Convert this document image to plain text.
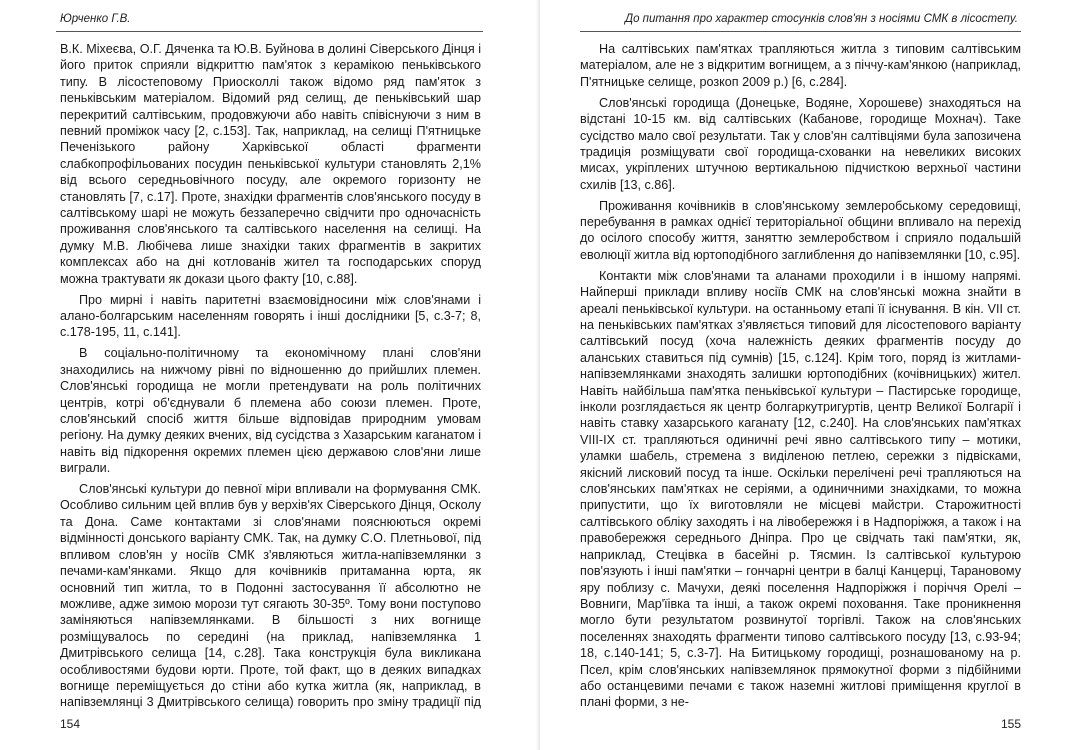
Юрченко Г.В.

В.К. Міхеєва, О.Г. Дяченка та Ю.В. Буйнова в долині Сіверського Дінця і його приток сприяли відкриттю пам'яток з керамікою пеньківського типу. В лісостеповому Приосколлі також відомо ряд пам'яток з пеньківським матеріалом. Відомий ряд селищ, де пеньківський шар перекритий салтівським, продовжуючи або навіть співіснуючи з ним в певний проміжок часу [2, с.153]. Так, наприклад, на селищі П'ятницьке Печенізького району Харківської області фрагменти слабкопрофільованих посудин пеньківської культури становлять 2,1% від всього середньовічного посуду, але окремого горизонту не становлять [7, с.17]. Проте, знахідки фрагментів слов'янського посуду в салтівському шарі не можуть беззаперечно свідчити про одночасність проживання слов'янського та салтівського населення на селищі. На думку М.В. Любічева лише знахідки таких фрагментів в закритих комплексах або на дні котлованів жител та господарських споруд можна трактувати як докази цього факту [10, с.88].

Про мирні і навіть паритетні взаємовідносини між слов'янами і алано-болгарським населенням говорять і інші дослідники [5, с.3-7; 8, с.178-195, 11, с.141].

В соціально-політичному та економічному плані слов'яни знаходились на нижчому рівні по відношенню до прийшлих племен. Слов'янські городища не могли претендувати на роль політичних центрів, котрі об'єднували б племена або союзи племен. Проте, слов'янський спосіб життя більше відповідав природним умовам регіону. На думку деяких вчених, від сусідства з Хазарським каганатом і навіть від підкорення окремих племен цією державою слов'яни лише виграли.

Слов'янські культури до певної міри впливали на формування СМК. Особливо сильним цей вплив був у верхів'ях Сіверського Дінця, Осколу та Дона. Саме контактами зі слов'янами пояснюються окремі відмінності донського варіанту СМК. Так, на думку С.О. Плетньової, під впливом слов'ян у носіїв СМК з'являються житла-напівземлянки з печами-кам'янками. Якщо для кочівників притаманна юрта, як основний тип житла, то в Подонні застосування її абсолютно не можливе, адже зимою морози тут сягають 30-35º. Тому вони поступово заміняються напівземлянками. В більшості з них вогнище розміщувалось по середині (на приклад, напівземлянка 1 Дмитрівського селища [14, с.28]. Така конструкція була викликана особливостями будови юрти. Проте, той факт, що в деяких випадках вогнище переміщується до стіни або кутка житла (як, наприклад, в напівземлянці 3 Дмитрівського селища) говорить про зміну традиції під

154
До питання про характер стосунків слов'ян з носіями СМК в лісостепу.

На салтівських пам'ятках трапляються житла з типовим салтівським матеріалом, але не з відкритим вогнищем, а з піччу-кам'янкою (наприклад, П'ятницьке селище, розкоп 2009 р.) [6, с.284].

Слов'янські городища (Донецьке, Водяне, Хорошеве) знаходяться на відстані 10-15 км. від салтівських (Кабанове, городище Мохнач). Таке сусідство мало свої результати. Так у слов'ян салтівціями була запозичена традиція розміщувати свої городища-схованки на невеликих високих мисах, укріплених штучною вертикальною підчисткою верхньої частини схилів [13, с.86].

Проживання кочівників в слов'янському землеробському середовищі, перебування в рамках однієї територіальної общини впливало на перехід до осілого способу життя, заняттю землеробством і сприяло подальшій еволюції житла від юртоподібного заглиблення до напівземлянки [10, с.95].

Контакти між слов'янами та аланами проходили і в іншому напрямі. Найперші приклади впливу носіїв СМК на слов'янські можна знайти в ареалі пеньківської культури. на останньому етапі її існування. В кін. VII ст. на пеньківських пам'ятках з'являється типовий для лісостепового варіанту салтівський посуд (хоча належність деяких фрагментів посуду до аланських ставиться під сумнів) [15, с.124]. Крім того, поряд із житлами-напівземлянками знаходять залишки юртоподібних (кочівницьких) жител. Навіть найбільша пам'ятка пеньківської культури – Пастирське городище, інколи розглядається як центр болгаркутригуртів, центр Великої Болгарії і навіть ставку хазарського каганату [12, с.240]. На слов'янських пам'ятках VIII-IX ст. трапляються одиничні речі явно салтівського типу – мотики, уламки шабель, стремена з виділеною петлею, сережки з підвісками, якісний лисковий посуд та інше. Оскільки перелічені речі трапляються на слов'янських пам'ятках не серіями, а одиничними знахідками, то можна припустити, що їх виготовляли не місцеві майстри. Старожитності салтівського обліку заходять і на лівобережжя і в Надпоріжжя, а також і на правобережжя середнього Дніпра. Про це свідчать такі пам'ятки, як, наприклад, Стецівка в басейні р. Тясмин. Із салтівської культурою пов'язують і інші пам'ятки – гончарні центри в балці Канцерці, Тарановому яру поблизу с. Мачухи, деякі поселення Надпоріжжя і поріччя Орелі – Вовниги, Мар'їівка та інші, а також окремі поховання. Таке проникнення могло бути результатом розвинутої торгівлі. Також на слов'янських поселеннях знаходять фрагменти типово салтівського посуду [13, с.93-94; 18, с.140-141; 5, с.3-7]. На Битицькому городищі, рознашованому на р. Псел, крім слов'янських напівземлянок прямокутної форми з підбійними або останцевими печами є також наземні житлові приміщення круглої в плані форми, з не-

155
